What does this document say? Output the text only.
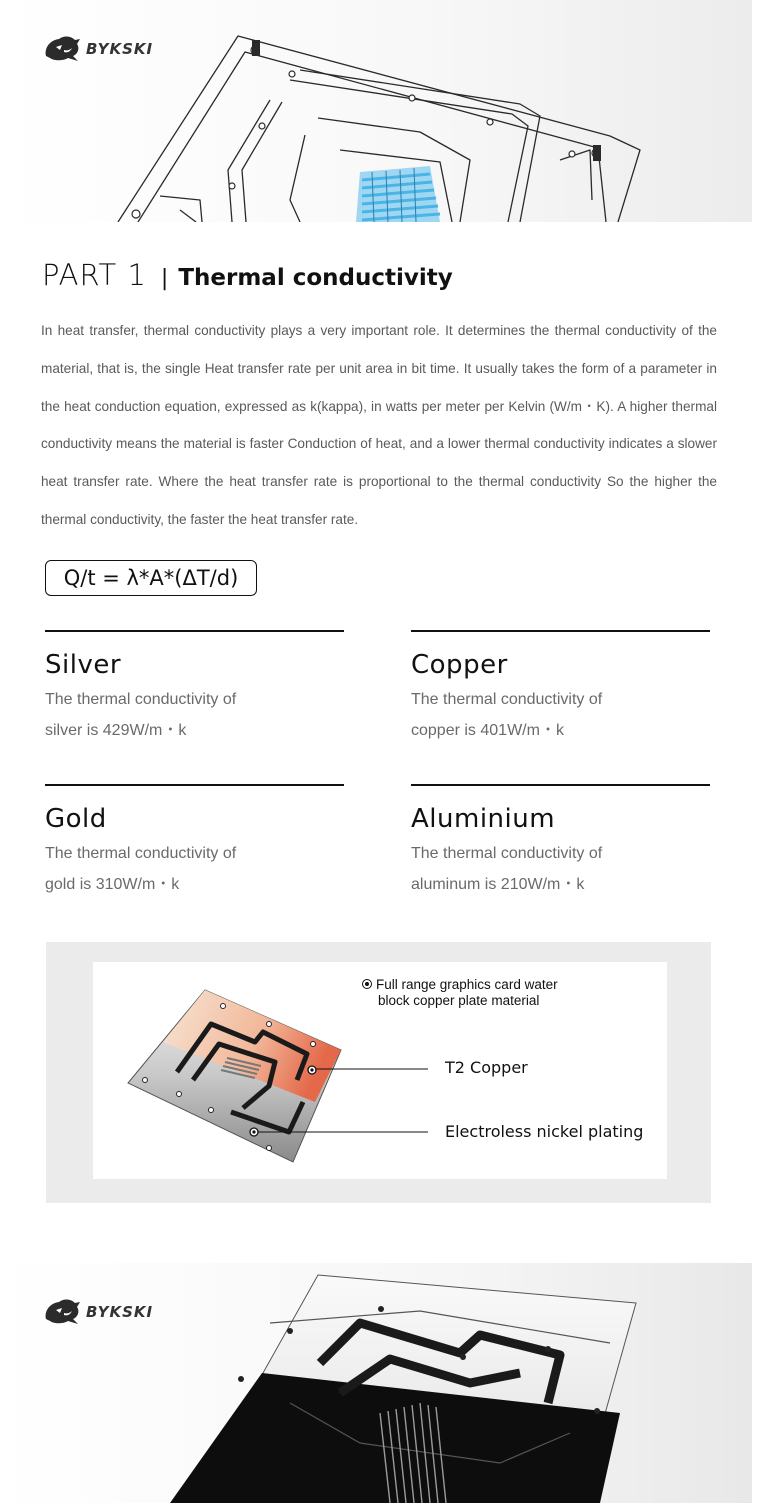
BYKSKI
PART 1 | Thermal conductivity

In heat transfer, thermal conductivity plays a very important role. It determines the thermal conductivity of the material, that is, the single Heat transfer rate per unit area in bit time. It usually takes the form of a parameter in the heat conduction equation, expressed as k(kappa), in watts per meter per Kelvin (W/m・K). A higher thermal conductivity means the material is faster Conduction of heat, and a lower thermal conductivity indicates a slower heat transfer rate. Where the heat transfer rate is proportional to the thermal conductivity So the higher the thermal conductivity, the faster the heat transfer rate.

Q/t = λ*A*(ΔT/d)
Silver
The thermal conductivity of
silver is 429W/m・k
Copper
The thermal conductivity of
copper is 401W/m・k
Gold
The thermal conductivity of
gold is 310W/m・k
Aluminium
The thermal conductivity of
aluminum is 210W/m・k
Full range graphics card water
block copper plate material
T2 Copper
Electroless nickel plating
BYKSKI
